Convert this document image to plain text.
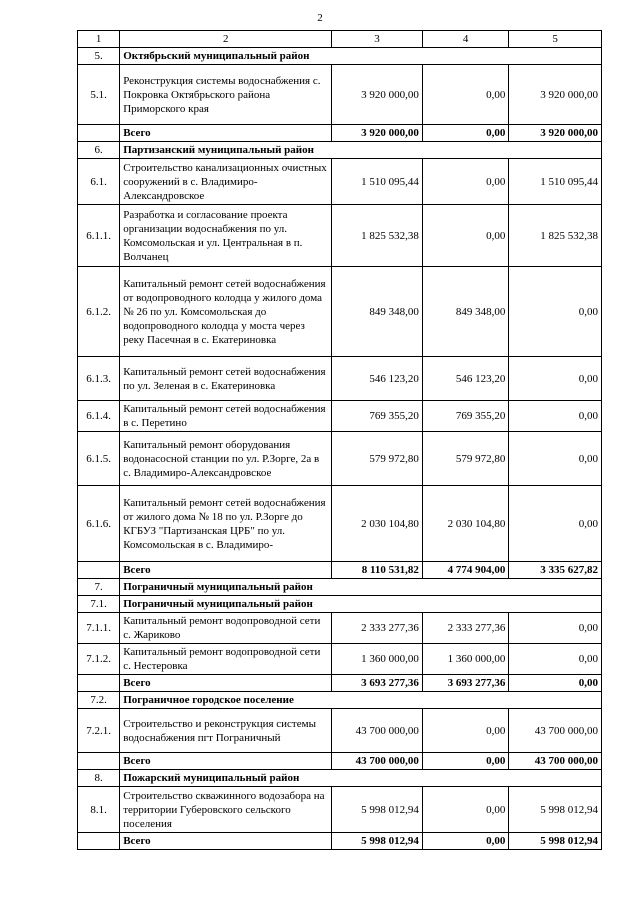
2
1	2	3	4	5
5.	Октябрьский муниципальный район			
5.1.	Реконструкция системы водоснабжения с. Покровка Октябрьского района Приморского края	3 920 000,00	0,00	3 920 000,00
	Всего	3 920 000,00	0,00	3 920 000,00
6.	Партизанский муниципальный район			
6.1.	Строительство канализационных очистных сооружений в с. Владимиро-Александровское	1 510 095,44	0,00	1 510 095,44
6.1.1.	Разработка и согласование проекта организации водоснабжения по ул. Комсомольская и ул. Центральная в п. Волчанец	1 825 532,38	0,00	1 825 532,38
6.1.2.	Капитальный ремонт сетей водоснабжения от водопроводного колодца у жилого дома № 26 по ул. Комсомольская до водопроводного колодца у моста через реку Пасечная в с. Екатериновка	849 348,00	849 348,00	0,00
6.1.3.	Капитальный ремонт сетей водоснабжения по ул. Зеленая в с. Екатериновка	546 123,20	546 123,20	0,00
6.1.4.	Капитальный ремонт сетей водоснабжения в с. Перетино	769 355,20	769 355,20	0,00
6.1.5.	Капитальный ремонт оборудования водонасосной станции по ул. Р.Зорге, 2а в с. Владимиро-Александровское	579 972,80	579 972,80	0,00
6.1.6.	Капитальный ремонт сетей водоснабжения от жилого дома № 18 по ул. Р.Зорге до КГБУЗ "Партизанская ЦРБ" по ул. Комсомольская в с. Владимиро-	2 030 104,80	2 030 104,80	0,00
	Всего	8 110 531,82	4 774 904,00	3 335 627,82
7.	Пограничный муниципальный район			
7.1.	Пограничный муниципальный район			
7.1.1.	Капитальный ремонт водопроводной сети с. Жариково	2 333 277,36	2 333 277,36	0,00
7.1.2.	Капитальный ремонт водопроводной сети с. Нестеровка	1 360 000,00	1 360 000,00	0,00
	Всего	3 693 277,36	3 693 277,36	0,00
7.2.	Пограничное городское поселение			
7.2.1.	Строительство и реконструкция системы водоснабжения пгт Пограничный	43 700 000,00	0,00	43 700 000,00
	Всего	43 700 000,00	0,00	43 700 000,00
8.	Пожарский муниципальный район			
8.1.	Строительство скважинного водозабора на территории Губеровского сельского поселения	5 998 012,94	0,00	5 998 012,94
	Всего	5 998 012,94	0,00	5 998 012,94
